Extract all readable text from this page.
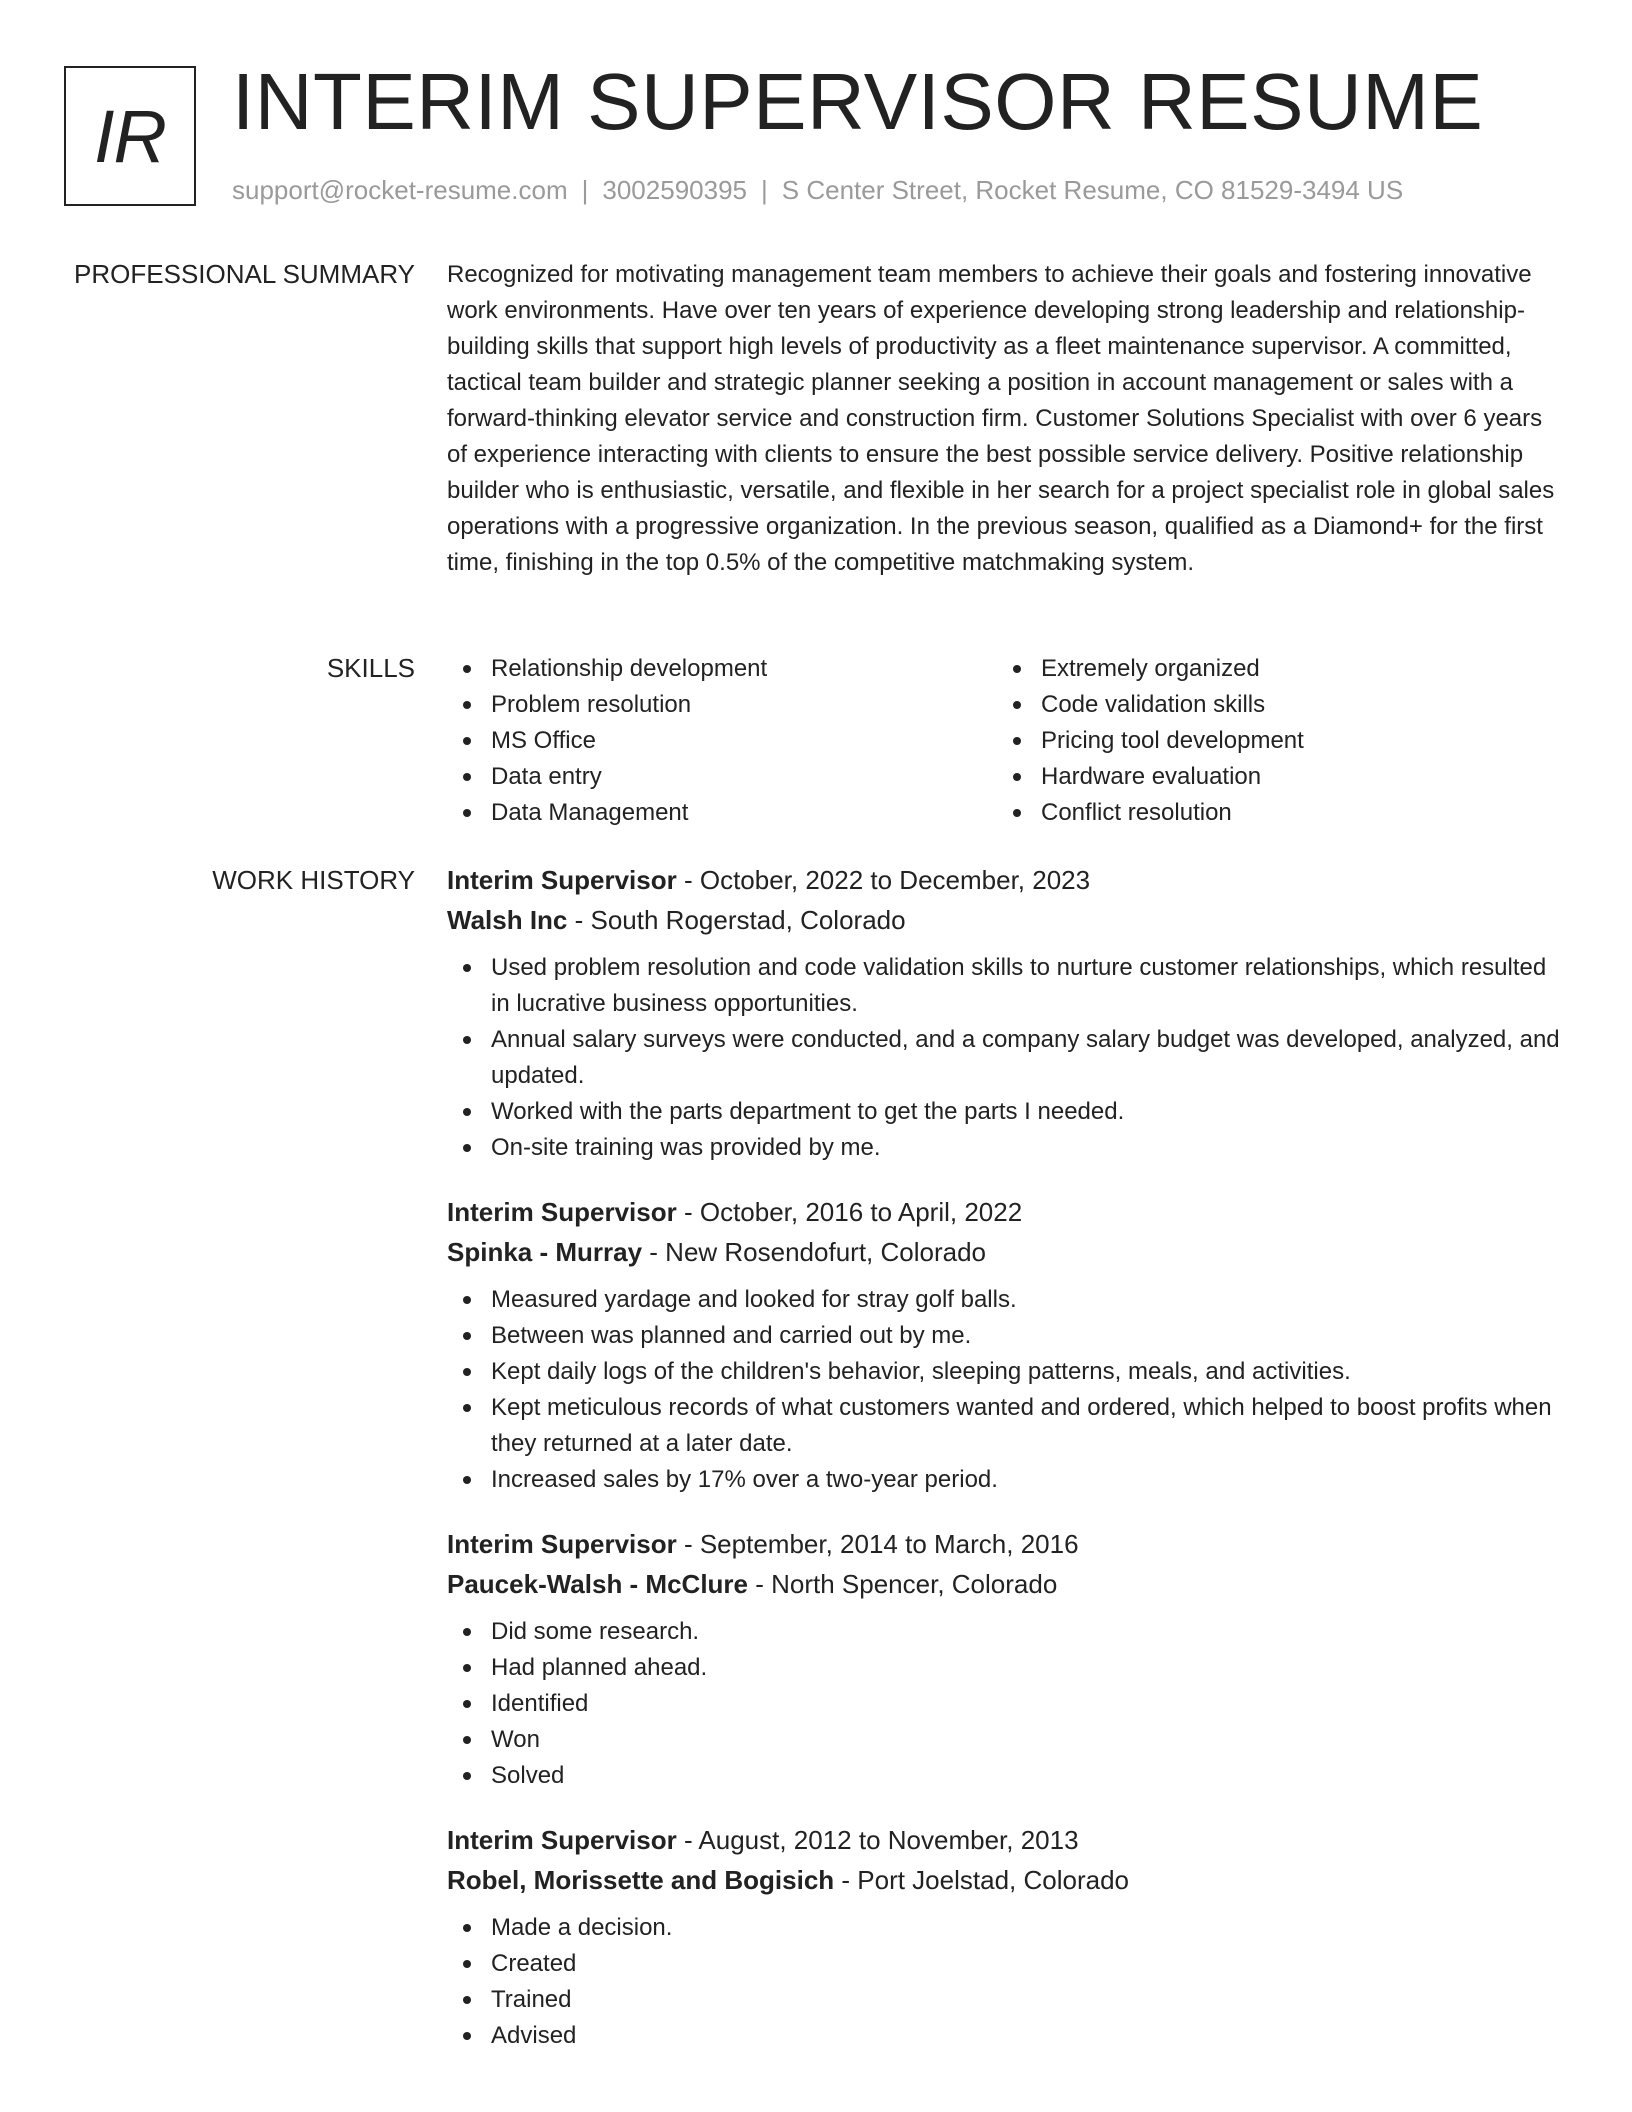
IR INTERIM SUPERVISOR RESUME
support@rocket-resume.com | 3002590395 | S Center Street, Rocket Resume, CO 81529-3494 US
PROFESSIONAL SUMMARY Recognized for motivating management team members to achieve their goals and fostering innovative work environments. Have over ten years of experience developing strong leadership and relationship-building skills that support high levels of productivity as a fleet maintenance supervisor. A committed, tactical team builder and strategic planner seeking a position in account management or sales with a forward-thinking elevator service and construction firm. Customer Solutions Specialist with over 6 years of experience interacting with clients to ensure the best possible service delivery. Positive relationship builder who is enthusiastic, versatile, and flexible in her search for a project specialist role in global sales operations with a progressive organization. In the previous season, qualified as a Diamond+ for the first time, finishing in the top 0.5% of the competitive matchmaking system.

SKILLS	Relationship development
Problem resolution
MS Office
Data entry
Data Management
Extremely organized
Code validation skills
Pricing tool development
Hardware evaluation
Conflict resolution
WORK HISTORY Interim Supervisor - October, 2022 to December, 2023
Walsh Inc - South Rogerstad, Colorado
Used problem resolution and code validation skills to nurture customer relationships, which resulted in lucrative business opportunities.
Annual salary surveys were conducted, and a company salary budget was developed, analyzed, and updated.
Worked with the parts department to get the parts I needed.
On-site training was provided by me.
Interim Supervisor - October, 2016 to April, 2022
Spinka - Murray - New Rosendofurt, Colorado
Measured yardage and looked for stray golf balls.
Between was planned and carried out by me.
Kept daily logs of the children's behavior, sleeping patterns, meals, and activities.
Kept meticulous records of what customers wanted and ordered, which helped to boost profits when they returned at a later date.
Increased sales by 17% over a two-year period.
Interim Supervisor - September, 2014 to March, 2016
Paucek-Walsh - McClure - North Spencer, Colorado
Did some research.
Had planned ahead.
Identified
Won
Solved
Interim Supervisor - August, 2012 to November, 2013
Robel, Morissette and Bogisich - Port Joelstad, Colorado
Made a decision.
Created
Trained
Advised
